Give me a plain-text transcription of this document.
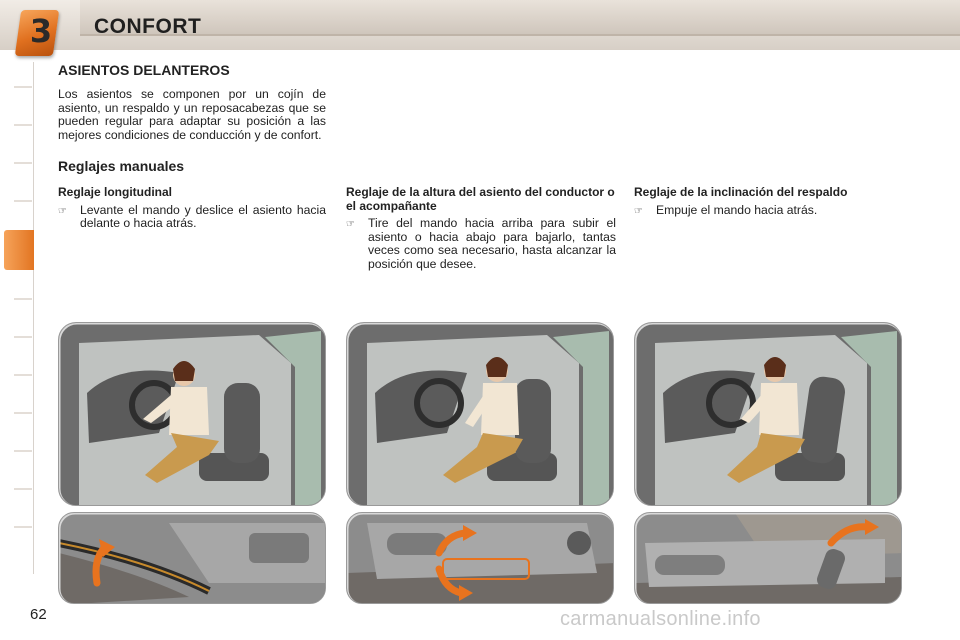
3 CONFORT
ASIENTOS DELANTEROS
Los asientos se componen por un cojín de asiento, un respaldo y un reposacabezas que se pueden regular para adaptar su posición a las mejores condiciones de conducción y de confort.
Reglajes manuales
Reglaje longitudinal
☞	Levante el mando y deslice el asiento hacia delante o hacia atrás.
Reglaje de la altura del asiento del conductor o el acompañante
☞	Tire del mando hacia arriba para subir el asiento o hacia abajo para bajarlo, tantas veces como sea necesario, hasta alcanzar la posición que desee.
Reglaje de la inclinación del respaldo
☞	Empuje el mando hacia atrás.
62	carmanualsonline.info
